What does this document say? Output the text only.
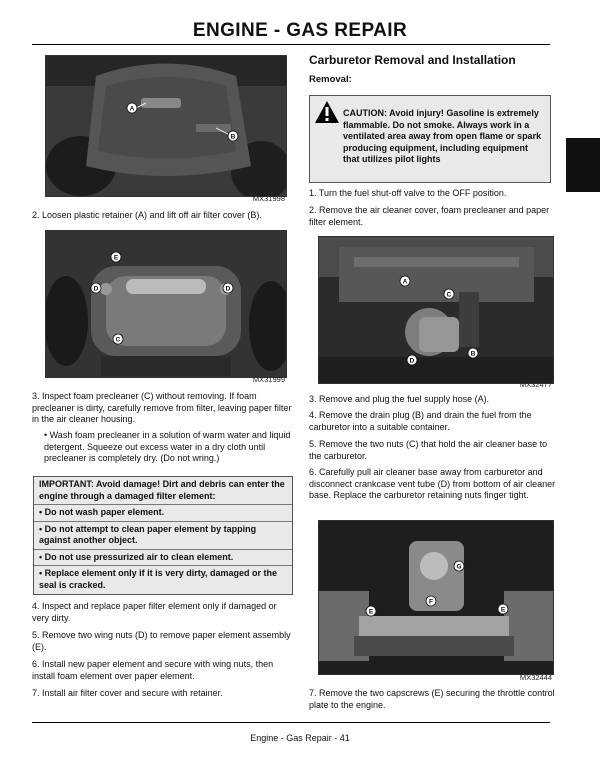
ENGINE - GAS REPAIR
A
B
MX31998

2. Loosen plastic retainer (A) and lift off air filter cover (B).

E
D	D
C
MX31999

3. Inspect foam precleaner (C) without removing. If foam precleaner is dirty, carefully remove from filter, leaving paper filter in the air cleaner housing.

• Wash foam precleaner in a solution of warm water and liquid detergent. Squeeze out excess water in a dry cloth until precleaner is completely dry. (Do not wring.)

IMPORTANT: Avoid damage! Dirt and debris can enter the engine through a damaged filter element:
• Do not wash paper element.
• Do not attempt to clean paper element by tapping against another object.
• Do not use pressurized air to clean element.
• Replace element only if it is very dirty, damaged or the seal is cracked.

4. Inspect and replace paper filter element only if damaged or very dirty.

5. Remove two wing nuts (D) to remove paper element assembly (E).

6. Install new paper element and secure with wing nuts, then install foam element over paper element.

7. Install air filter cover and secure with retainer.

Carburetor Removal and Installation
Removal:
CAUTION: Avoid injury! Gasoline is extremely flammable. Do not smoke. Always work in a ventilated area away from open flame or spark producing equipment, including equipment that utilizes pilot lights

1. Turn the fuel shut-off valve to the OFF position.

2. Remove the air cleaner cover, foam precleaner and paper filter element.

A
C
B
D
MX32477

3. Remove and plug the fuel supply hose (A).

4. Remove the drain plug (B) and drain the fuel from the carburetor into a suitable container.

5. Remove the two nuts (C) that hold the air cleaner base to the carburetor.

6. Carefully pull air cleaner base away from carburetor and disconnect crankcase vent tube (D) from bottom of air cleaner base. Replace the carburetor retaining nuts finger tight.

G
F
E	E
MX32444

7. Remove the two capscrews (E) securing the throttle control plate to the engine.

Engine - Gas Repair - 41
